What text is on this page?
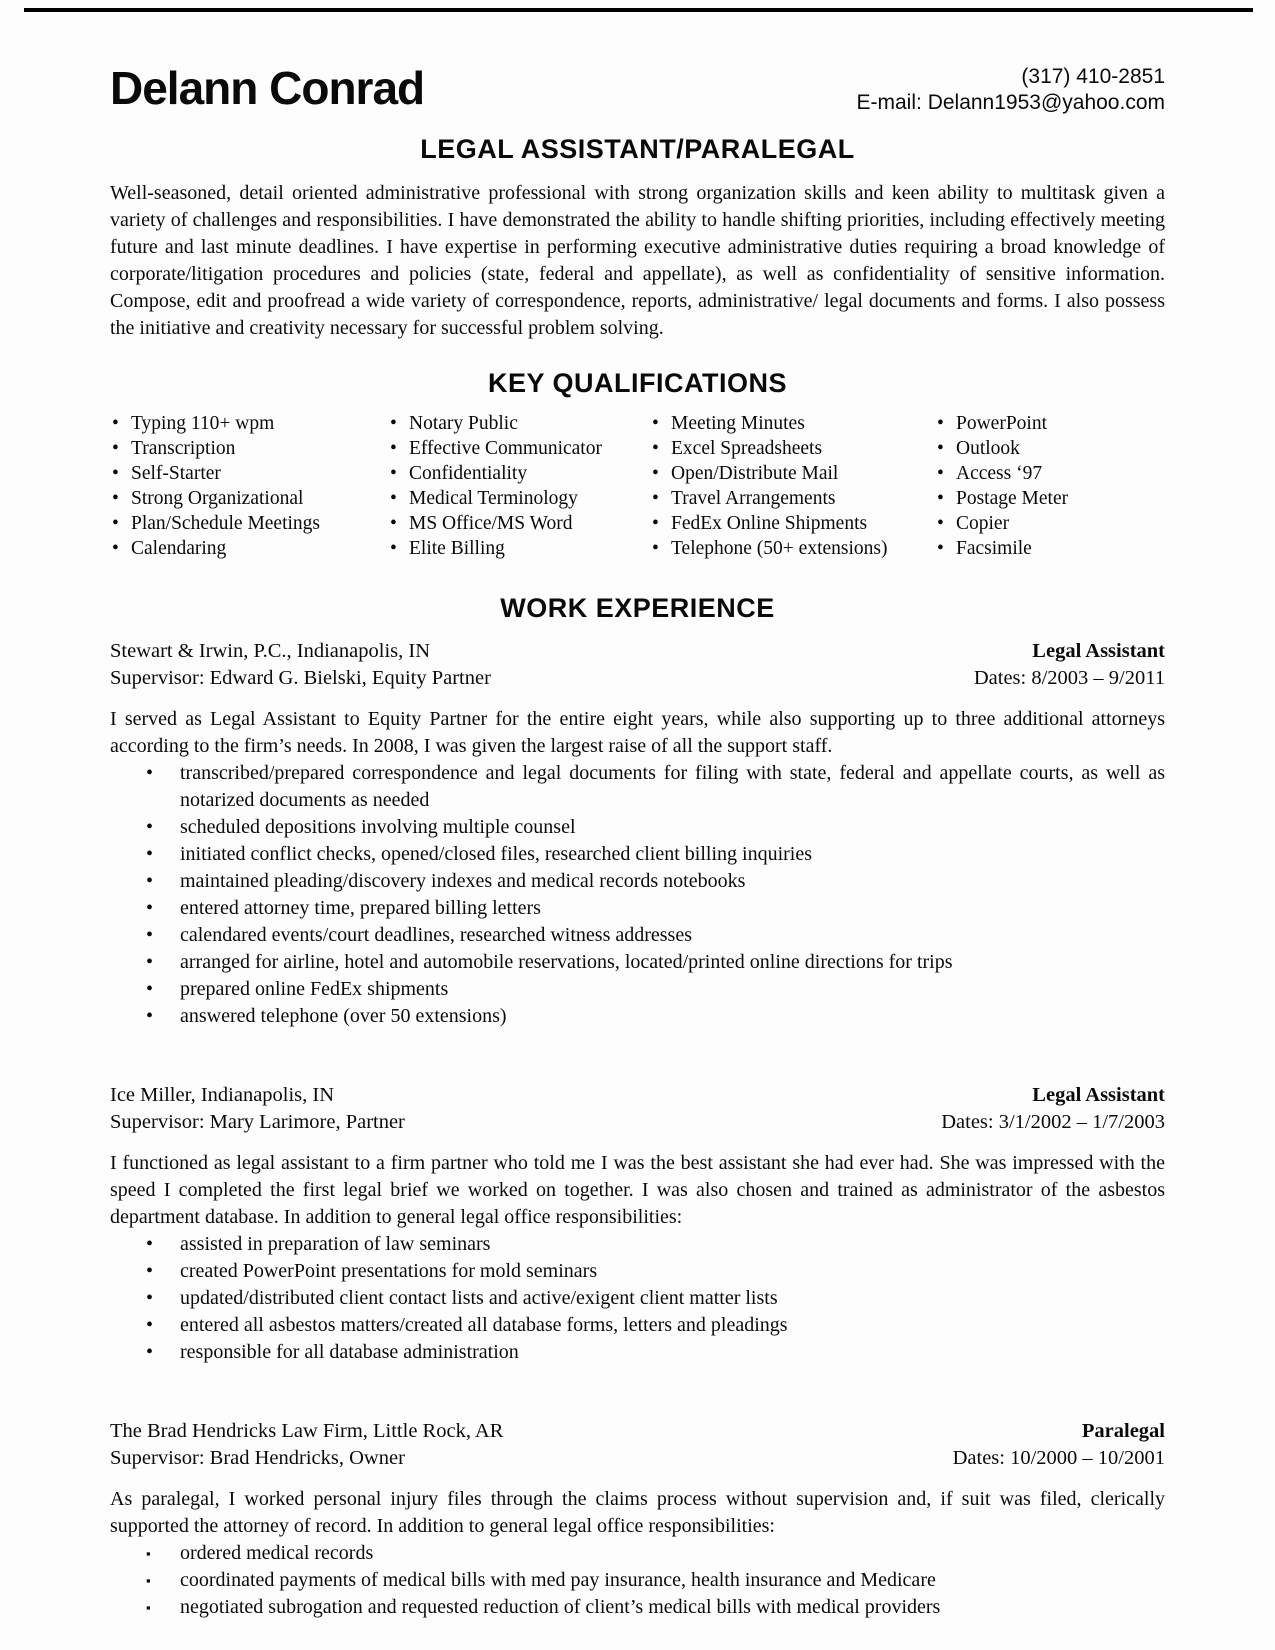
Delann Conrad	(317) 410-2851
E-mail: Delann1953@yahoo.com
LEGAL ASSISTANT/PARALEGAL

Well-seasoned, detail oriented administrative professional with strong organization skills and keen ability to multitask given a variety of challenges and responsibilities. I have demonstrated the ability to handle shifting priorities, including effectively meeting future and last minute deadlines. I have expertise in performing executive administrative duties requiring a broad knowledge of corporate/litigation procedures and policies (state, federal and appellate), as well as confidentiality of sensitive information. Compose, edit and proofread a wide variety of correspondence, reports, administrative/ legal documents and forms. I also possess the initiative and creativity necessary for successful problem solving.

KEY QUALIFICATIONS
• Typing 110+ wpm
• Transcription
• Self-Starter
• Strong Organizational
• Plan/Schedule Meetings
• Calendaring
• Notary Public
• Effective Communicator
• Confidentiality
• Medical Terminology
• MS Office/MS Word
• Elite Billing
• Meeting Minutes
• Excel Spreadsheets
• Open/Distribute Mail
• Travel Arrangements
• FedEx Online Shipments
• Telephone (50+ extensions)
• PowerPoint
• Outlook
• Access ‘97
• Postage Meter
• Copier
• Facsimile
WORK EXPERIENCE
Stewart & Irwin, P.C., Indianapolis, IN	Legal Assistant
Supervisor: Edward G. Bielski, Equity Partner	Dates: 8/2003 – 9/2011

I served as Legal Assistant to Equity Partner for the entire eight years, while also supporting up to three additional attorneys according to the firm’s needs. In 2008, I was given the largest raise of all the support staff.

• transcribed/prepared correspondence and legal documents for filing with state, federal and appellate courts, as well as notarized documents as needed
• scheduled depositions involving multiple counsel
• initiated conflict checks, opened/closed files, researched client billing inquiries
• maintained pleading/discovery indexes and medical records notebooks
• entered attorney time, prepared billing letters
• calendared events/court deadlines, researched witness addresses
• arranged for airline, hotel and automobile reservations, located/printed online directions for trips
• prepared online FedEx shipments
• answered telephone (over 50 extensions)
Ice Miller, Indianapolis, IN	Legal Assistant
Supervisor: Mary Larimore, Partner	Dates: 3/1/2002 – 1/7/2003

I functioned as legal assistant to a firm partner who told me I was the best assistant she had ever had. She was impressed with the speed I completed the first legal brief we worked on together. I was also chosen and trained as administrator of the asbestos department database. In addition to general legal office responsibilities:

• assisted in preparation of law seminars
• created PowerPoint presentations for mold seminars
• updated/distributed client contact lists and active/exigent client matter lists
• entered all asbestos matters/created all database forms, letters and pleadings
• responsible for all database administration
The Brad Hendricks Law Firm, Little Rock, AR	Paralegal
Supervisor: Brad Hendricks, Owner	Dates: 10/2000 – 10/2001

As paralegal, I worked personal injury files through the claims process without supervision and, if suit was filed, clerically supported the attorney of record. In addition to general legal office responsibilities:

▪ ordered medical records
▪ coordinated payments of medical bills with med pay insurance, health insurance and Medicare
▪ negotiated subrogation and requested reduction of client’s medical bills with medical providers
